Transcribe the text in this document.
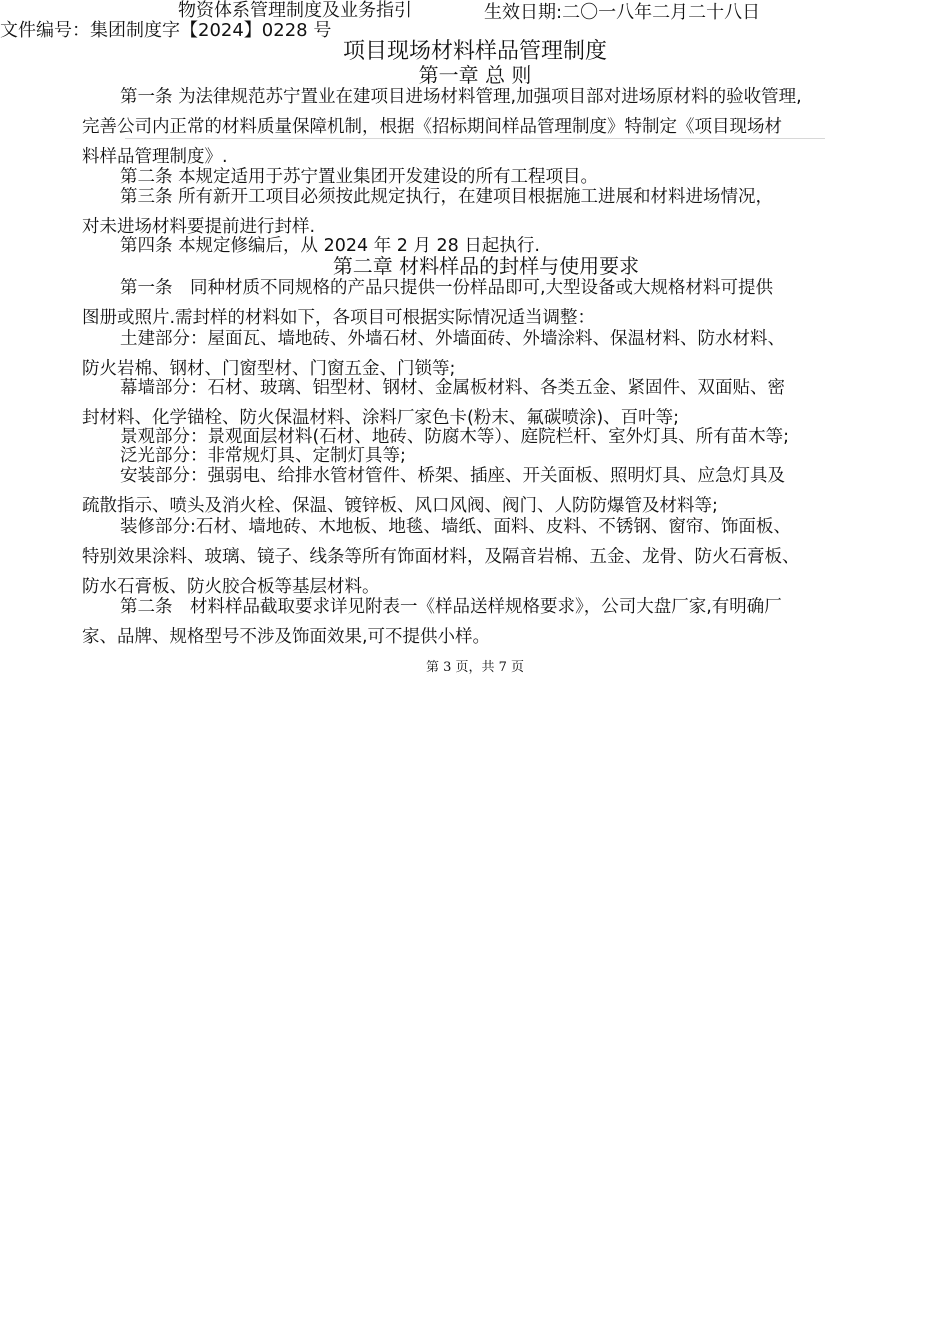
物资体系管理制度及业务指引	生效日期:二〇一八年二月二十八日
文件编号：集团制度字【2024】0228 号
项目现场材料样品管理制度
第一章 总 则
第一条 为法律规范苏宁置业在建项目进场材料管理,加强项目部对进场原材料的验收管理,
完善公司内正常的材料质量保障机制，根据《招标期间样品管理制度》特制定《项目现场材
料样品管理制度》.
第二条 本规定适用于苏宁置业集团开发建设的所有工程项目。
第三条 所有新开工项目必须按此规定执行，在建项目根据施工进展和材料进场情况，
对未进场材料要提前进行封样.
第四条 本规定修编后，从 2024 年 2 月 28 日起执行.
第二章 材料样品的封样与使用要求
第一条　同种材质不同规格的产品只提供一份样品即可,大型设备或大规格材料可提供
图册或照片.需封样的材料如下，各项目可根据实际情况适当调整：
土建部分：屋面瓦、墙地砖、外墙石材、外墙面砖、外墙涂料、保温材料、防水材料、
防火岩棉、钢材、门窗型材、门窗五金、门锁等;
幕墙部分：石材、玻璃、铝型材、钢材、金属板材料、各类五金、紧固件、双面贴、密
封材料、化学锚栓、防火保温材料、涂料厂家色卡(粉末、氟碳喷涂)、百叶等;
景观部分：景观面层材料(石材、地砖、防腐木等）、庭院栏杆、室外灯具、所有苗木等;
泛光部分：非常规灯具、定制灯具等;
安装部分：强弱电、给排水管材管件、桥架、插座、开关面板、照明灯具、应急灯具及
疏散指示、喷头及消火栓、保温、镀锌板、风口风阀、阀门、人防防爆管及材料等;
装修部分:石材、墙地砖、木地板、地毯、墙纸、面料、皮料、不锈钢、窗帘、饰面板、
特别效果涂料、玻璃、镜子、线条等所有饰面材料，及隔音岩棉、五金、龙骨、防火石膏板、
防水石膏板、防火胶合板等基层材料。
第二条　材料样品截取要求详见附表一《样品送样规格要求》，公司大盘厂家,有明确厂
家、品牌、规格型号不涉及饰面效果,可不提供小样。
第 3 页，共 7 页
